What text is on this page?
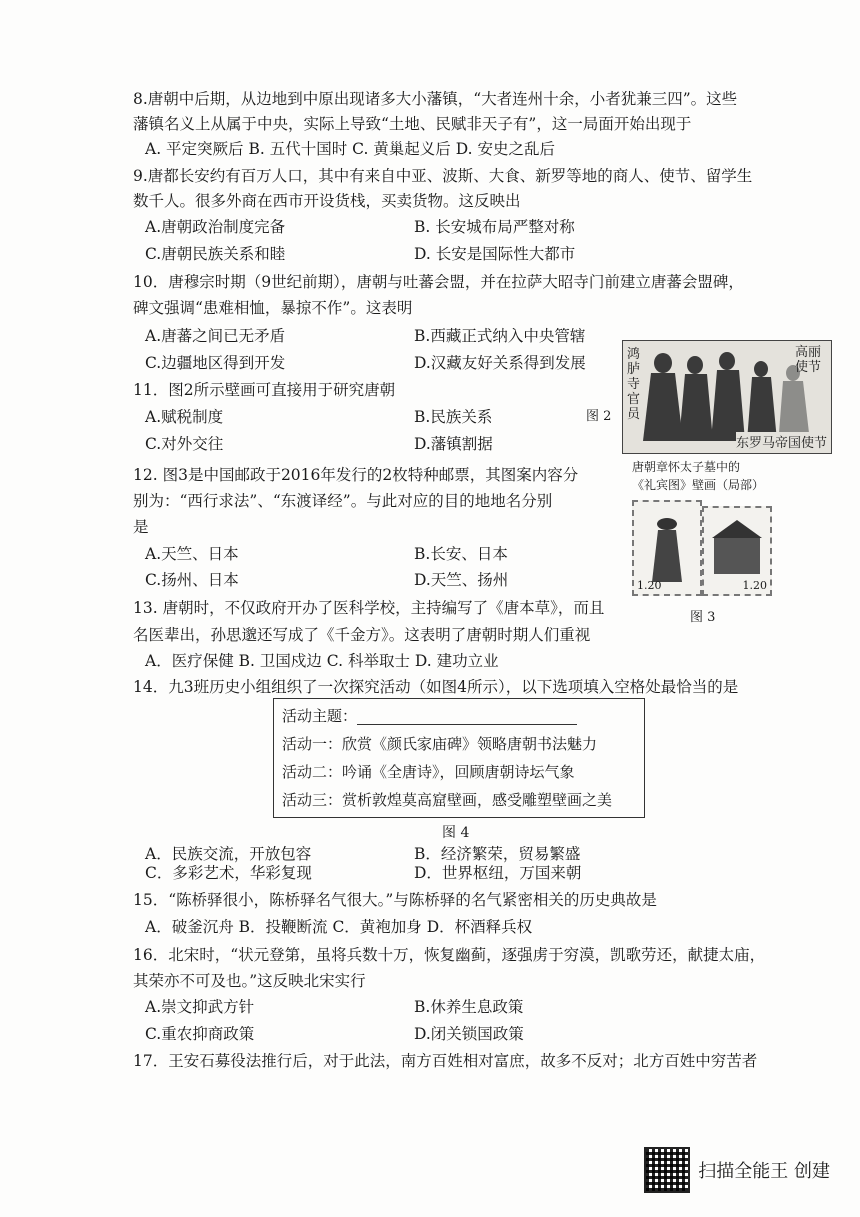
8.唐朝中后期，从边地到中原出现诸多大小藩镇，“大者连州十余，小者犹兼三四”。这些
藩镇名义上从属于中央，实际上导致“土地、民赋非天子有”，这一局面开始出现于
A. 平定突厥后 B. 五代十国时 C. 黄巢起义后 D. 安史之乱后
9.唐都长安约有百万人口，其中有来自中亚、波斯、大食、新罗等地的商人、使节、留学生
数千人。很多外商在西市开设货栈，买卖货物。这反映出
A.唐朝政治制度完备	B. 长安城布局严整对称
C.唐朝民族关系和睦	D. 长安是国际性大都市
10．唐穆宗时期（9世纪前期），唐朝与吐蕃会盟，并在拉萨大昭寺门前建立唐蕃会盟碑，
碑文强调“患难相恤，暴掠不作”。这表明
A.唐蕃之间已无矛盾	B.西藏正式纳入中央管辖
C.边疆地区得到开发	D.汉藏友好关系得到发展
11．图2所示壁画可直接用于研究唐朝
A.赋税制度	B.民族关系
C.对外交往	D.藩镇割据
图 2
鸿胪寺官员
高丽使节
东罗马帝国使节
唐朝章怀太子墓中的
《礼宾图》壁画（局部）
12. 图3是中国邮政于2016年发行的2枚特种邮票，其图案内容分
别为：“西行求法”、“东渡译经”。与此对应的目的地地名分别
是
A.天竺、日本	B.长安、日本
C.扬州、日本	D.天竺、扬州	1.20	1.20
图 3
13. 唐朝时，不仅政府开办了医科学校，主持编写了《唐本草》，而且
名医辈出，孙思邈还写成了《千金方》。这表明了唐朝时期人们重视
A．医疗保健 B. 卫国戍边 C. 科举取士 D. 建功立业
14．九3班历史小组组织了一次探究活动（如图4所示），以下选项填入空格处最恰当的是
活动主题：
活动一：欣赏《颜氏家庙碑》领略唐朝书法魅力
活动二：吟诵《全唐诗》，回顾唐朝诗坛气象
活动三：赏析敦煌莫高窟壁画，感受雕塑壁画之美
图 4
A．民族交流，开放包容	B．经济繁荣，贸易繁盛
C．多彩艺术，华彩复现	D．世界枢纽，万国来朝
15．“陈桥驿很小，陈桥驿名气很大。”与陈桥驿的名气紧密相关的历史典故是
A．破釜沉舟 B．投鞭断流 C．黄袍加身 D．杯酒释兵权
16．北宋时，“状元登第，虽将兵数十万，恢复幽蓟，逐强虏于穷漠，凯歌劳还，献捷太庙，
其荣亦不可及也。”这反映北宋实行
A.崇文抑武方针	B.休养生息政策
C.重农抑商政策	D.闭关锁国政策
17．王安石募役法推行后，对于此法，南方百姓相对富庶，故多不反对；北方百姓中穷苦者
扫描全能王 创建
